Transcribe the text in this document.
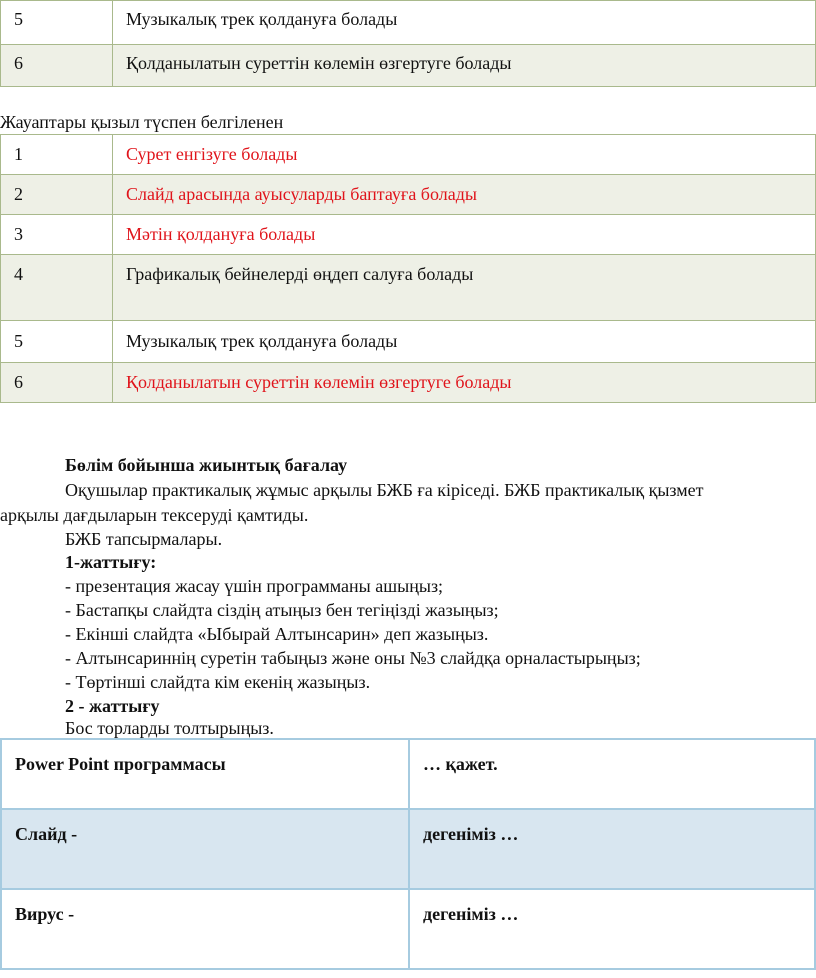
5	Музыкалық трек қолдануға болады
6	Қолданылатын суреттін көлемін өзгертуге болады
Жауаптары қызыл түспен белгіленен
1	Сурет енгізуге болады
2	Слайд арасында ауысуларды баптауға болады
3	Мәтін қолдануға болады
4	Графикалық бейнелерді өңдеп салуға болады
5	Музыкалық трек қолдануға болады
6	Қолданылатын суреттін көлемін өзгертуге болады
Бөлім бойынша жиынтық бағалау
Оқушылар практикалық жұмыс арқылы БЖБ ға кіріседі. БЖБ практикалық қызмет
арқылы дағдыларын тексеруді қамтиды.
БЖБ тапсырмалары.
1-жаттығу:
- презентация жасау үшін программаны ашыңыз;
- Бастапқы слайдта сіздің атыңыз бен тегіңізді жазыңыз;
- Екінші слайдта «Ыбырай Алтынсарин» деп жазыңыз.
- Алтынсариннің суретін табыңыз және оны №3 слайдқа орналастырыңыз;
- Төртінші слайдта кім екенің жазыңыз.
2 - жаттығу
Бос торларды толтырыңыз.
Power Point программасы	… қажет.
Слайд -	дегеніміз …
Вирус -	дегеніміз …
